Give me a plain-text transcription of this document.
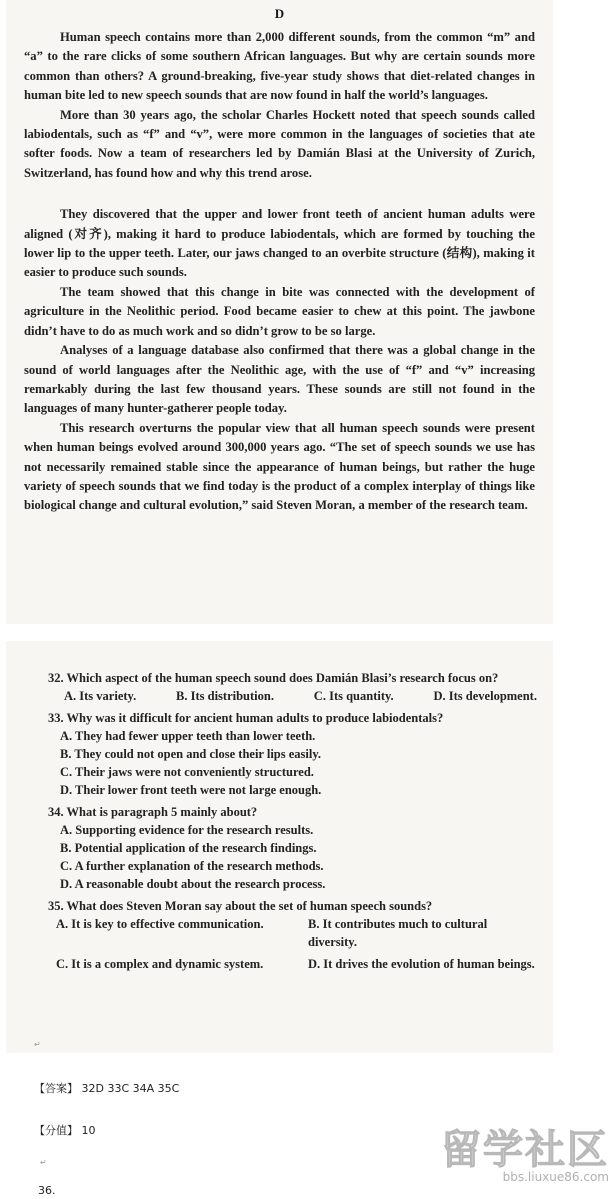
D

Human speech contains more than 2,000 different sounds, from the common “m” and “a” to the rare clicks of some southern African languages. But why are certain sounds more common than others? A ground-breaking, five-year study shows that diet-related changes in human bite led to new speech sounds that are now found in half the world’s languages.

More than 30 years ago, the scholar Charles Hockett noted that speech sounds called labiodentals, such as “f” and “v”, were more common in the languages of societies that ate softer foods. Now a team of researchers led by Damián Blasi at the University of Zurich, Switzerland, has found how and why this trend arose.

They discovered that the upper and lower front teeth of ancient human adults were aligned (对齐), making it hard to produce labiodentals, which are formed by touching the lower lip to the upper teeth. Later, our jaws changed to an overbite structure (结构), making it easier to produce such sounds.

The team showed that this change in bite was connected with the development of agriculture in the Neolithic period. Food became easier to chew at this point. The jawbone didn’t have to do as much work and so didn’t grow to be so large.

Analyses of a language database also confirmed that there was a global change in the sound of world languages after the Neolithic age, with the use of “f” and “v” increasing remarkably during the last few thousand years. These sounds are still not found in the languages of many hunter-gatherer people today.

This research overturns the popular view that all human speech sounds were present when human beings evolved around 300,000 years ago. “The set of speech sounds we use has not necessarily remained stable since the appearance of human beings, but rather the huge variety of speech sounds that we find today is the product of a complex interplay of things like biological change and cultural evolution,” said Steven Moran, a member of the research team.

32. Which aspect of the human speech sound does Damián Blasi’s research focus on?

A. Its variety.	B. Its distribution.	C. Its quantity.	D. Its development.

33. Why was it difficult for ancient human adults to produce labiodentals?

A. They had fewer upper teeth than lower teeth.

B. They could not open and close their lips easily.

C. Their jaws were not conveniently structured.

D. Their lower front teeth were not large enough.

34. What is paragraph 5 mainly about?

A. Supporting evidence for the research results.

B. Potential application of the research findings.

C. A further explanation of the research methods.

D. A reasonable doubt about the research process.

35. What does Steven Moran say about the set of human speech sounds?

A. It is key to effective communication.	B. It contributes much to cultural diversity.
C. It is a complex and dynamic system.	D. It drives the evolution of human beings.
↵
【答案】 32D 33C 34A 35C
【分值】 10
↵
36.
留学社区
bbs.liuxue86.com
